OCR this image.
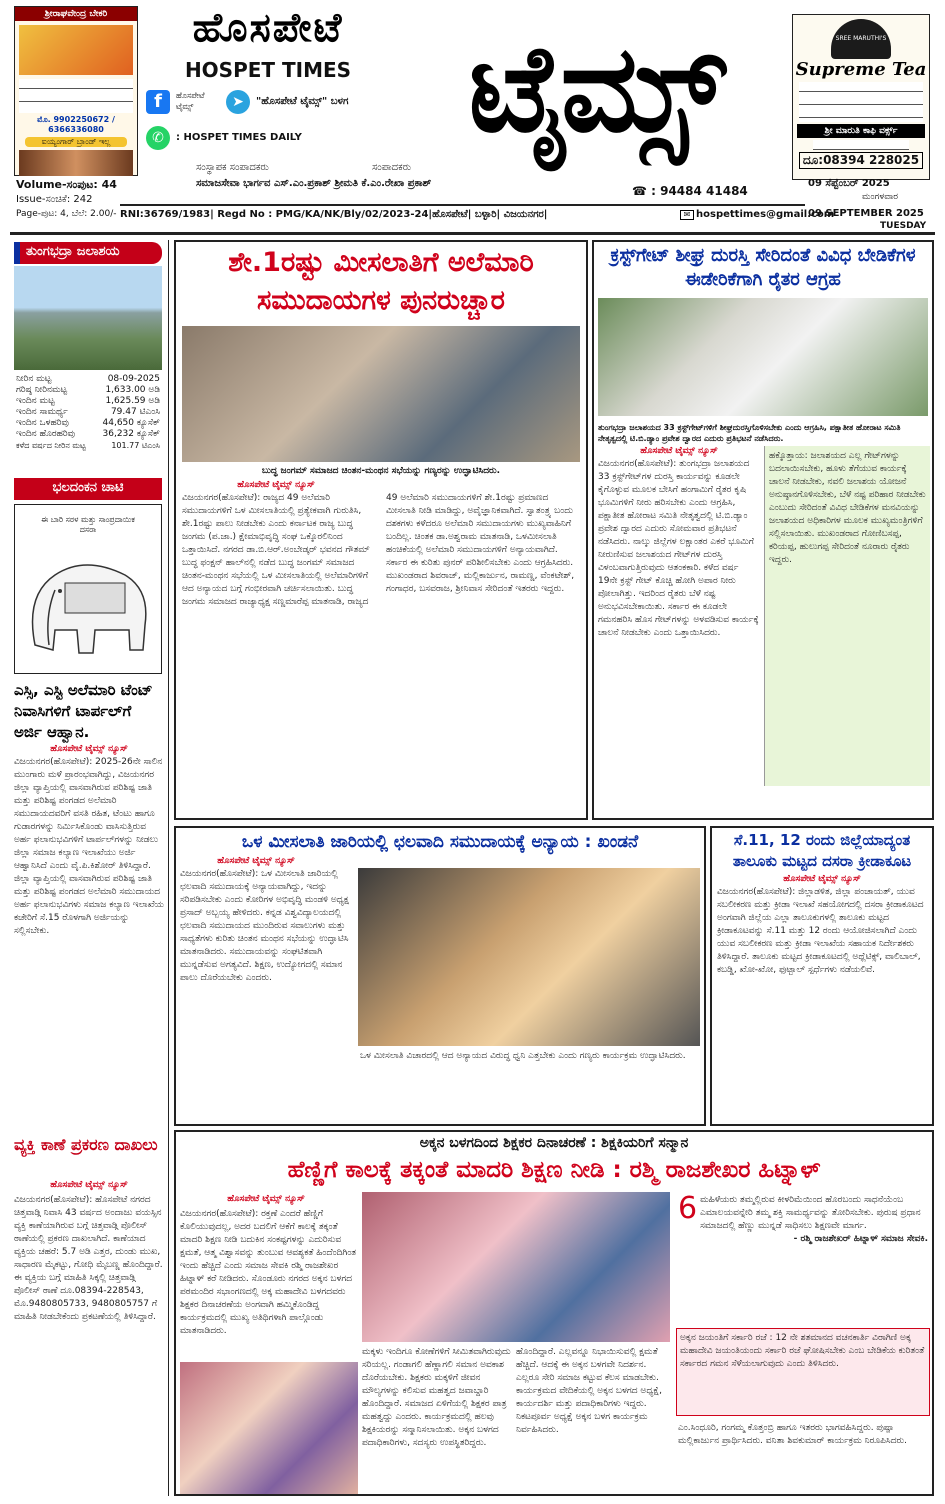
ಶ್ರೀರಾಘವೇಂದ್ರ ಬೇಕರಿ
ಮೊ. 9902250672 / 6366336080
ಐಯ್ಯಂಗಾರ್ ಬ್ರಾಂಡ್ ಇಲ್ಲ
ಹೊಸಪೇಟೆ
HOSPET TIMES
f	ಹೊಸಪೇಟೆ ಟೈಮ್ಸ್	➤	"ಹೊಸಪೇಟೆ ಟೈಮ್ಸ್" ಬಳಗ
✆	: HOSPET TIMES DAILY	ಟೈಮ್ಸ್	SREE MARUTHI'S
Supreme Tea
ಶ್ರೀ ಮಾರುತಿ ಕಾಫಿ ವರ್ಕ್ಸ್
ದೂ:08394 228025
ಸಂಸ್ಥಾಪಕ ಸಂಪಾದಕರು	ಸಂಪಾದಕರು
ಸಮಾಜಸೇವಾ ಭಾರ್ಗವ ಎಸ್.ಎಂ.ಪ್ರಕಾಶ್ ಶ್ರೀಮತಿ ಕೆ.ಎಂ.ರೇಖಾ ಪ್ರಕಾಶ್
Volume-ಸಂಪುಟ: 44
Issue-ಸಂಚಿಕೆ: 242
Page-ಪುಟ: 4, ಬೆಲೆ: 2.00/-
☎ : 94484 41484
09 ಸೆಪ್ಟೆಂಬರ್ 2025
ಮಂಗಳವಾರ
RNI:36769/1983| Regd No : PMG/KA/NK/Bly/02/2023-24|ಹೊಸಪೇಟೆ| ಬಳ್ಳಾರಿ| ವಿಜಯನಗರ|	✉ hospettimes@gmail.com
09 SEPTEMBER 2025
TUESDAY
ತುಂಗಭದ್ರಾ ಜಲಾಶಯ
ನೀರಿನ ಮಟ್ಟ	08-09-2025
ಗರಿಷ್ಠ ನೀರಿನಮಟ್ಟ	1,633.00 ಅಡಿ
ಇಂದಿನ ಮಟ್ಟ	1,625.59 ಅಡಿ
ಇಂದಿನ ಸಾಮರ್ಥ್ಯ	79.47 ಟಿಎಂಸಿ
ಇಂದಿನ ಒಳಹರಿವು	44,650 ಕ್ಯೂಸೆಕ್
ಇಂದಿನ ಹೊರಹರಿವು	36,232 ಕ್ಯೂಸೆಕ್
ಕಳೆದ ವರ್ಷದ ನೀರಿನ ಮಟ್ಟ	101.77 ಟಿಎಂಸಿ
ಭಲದಂಕನ ಚಾಟಿ
ಈ ಬಾರಿ ಸರಳ ಮತ್ತು ಸಾಂಪ್ರದಾಯಿಕ ದಸರಾ
ಎಸ್ಸಿ, ಎಸ್ಟಿ ಅಲೆಮಾರಿ ಟೆಂಟ್ ನಿವಾಸಿಗಳಿಗೆ ಟಾರ್ಪಲ್‌ಗೆ ಅರ್ಜಿ ಆಹ್ವಾನ.
ಹೊಸಪೇಟೆ ಟೈಮ್ಸ್ ನ್ಯೂಸ್
ವಿಜಯನಗರ(ಹೊಸಪೇಟೆ): 2025-26ನೇ ಸಾಲಿನ ಮುಂಗಾರು ಮಳೆ ಪ್ರಾರಂಭವಾಗಿದ್ದು, ವಿಜಯನಗರ ಜಿಲ್ಲಾ ವ್ಯಾಪ್ತಿಯಲ್ಲಿ ವಾಸವಾಗಿರುವ ಪರಿಶಿಷ್ಟ ಜಾತಿ ಮತ್ತು ಪರಿಶಿಷ್ಟ ಪಂಗಡದ ಅಲೆಮಾರಿ ಸಮುದಾಯದವರಿಗೆ ವಸತಿ ರಹಿತ, ಟೆಂಟು ಹಾಗೂ ಗುಡಾರಗಳನ್ನು ನಿರ್ಮಿಸಿಕೊಂಡು ವಾಸಿಸುತ್ತಿರುವ ಅರ್ಹ ಫಲಾನುಭವಿಗಳಿಗೆ ಟಾರ್ಪಲ್‌ಗಳನ್ನು ನೀಡಲು ಜಿಲ್ಲಾ ಸಮಾಜ ಕಲ್ಯಾಣ ಇಲಾಖೆಯು ಅರ್ಜಿ ಆಹ್ವಾನಿಸಿದೆ ಎಂದು ವೈ.ಪಿ.ಕಿಶೋರ್ ತಿಳಿಸಿದ್ದಾರೆ. ಜಿಲ್ಲಾ ವ್ಯಾಪ್ತಿಯಲ್ಲಿ ವಾಸವಾಗಿರುವ ಪರಿಶಿಷ್ಟ ಜಾತಿ ಮತ್ತು ಪರಿಶಿಷ್ಟ ಪಂಗಡದ ಅಲೆಮಾರಿ ಸಮುದಾಯದ ಅರ್ಹ ಫಲಾನುಭವಿಗಳು ಸಮಾಜ ಕಲ್ಯಾಣ ಇಲಾಖೆಯ ಕಚೇರಿಗೆ ಸೆ.15 ರೊಳಗಾಗಿ ಅರ್ಜಿಯನ್ನು ಸಲ್ಲಿಸಬೇಕು.
ವ್ಯಕ್ತಿ ಕಾಣೆ ಪ್ರಕರಣ ದಾಖಲು
ಹೊಸಪೇಟೆ ಟೈಮ್ಸ್ ನ್ಯೂಸ್
ವಿಜಯನಗರ(ಹೊಸಪೇಟೆ): ಹೊಸಪೇಟೆ ನಗರದ ಚಿತ್ತವಾಡ್ಗಿ ನಿವಾಸಿ 43 ವರ್ಷದ ಅಂದಾಜು ವಯಸ್ಸಿನ ವ್ಯಕ್ತಿ ಕಾಣೆಯಾಗಿರುವ ಬಗ್ಗೆ ಚಿತ್ತವಾಡ್ಗಿ ಪೊಲೀಸ್ ಠಾಣೆಯಲ್ಲಿ ಪ್ರಕರಣ ದಾಖಲಾಗಿದೆ. ಕಾಣೆಯಾದ ವ್ಯಕ್ತಿಯ ಚಹರೆ: 5.7 ಅಡಿ ಎತ್ತರ, ದುಂಡು ಮುಖ, ಸಾಧಾರಣ ಮೈಕಟ್ಟು, ಗೋಧಿ ಮೈಬಣ್ಣ ಹೊಂದಿದ್ದಾರೆ. ಈ ವ್ಯಕ್ತಿಯ ಬಗ್ಗೆ ಮಾಹಿತಿ ಸಿಕ್ಕಲ್ಲಿ ಚಿತ್ತವಾಡ್ಗಿ ಪೊಲೀಸ್ ಠಾಣೆ ದೂ.08394-228543, ಮೊ.9480805733, 9480805757 ಗೆ ಮಾಹಿತಿ ನೀಡಬೇಕೆಂದು ಪ್ರಕಟಣೆಯಲ್ಲಿ ತಿಳಿಸಿದ್ದಾರೆ.
ಶೇ.1ರಷ್ಟು ಮೀಸಲಾತಿಗೆ ಅಲೆಮಾರಿ ಸಮುದಾಯಗಳ ಪುನರುಚ್ಚಾರ
ಬುದ್ಧ ಜಂಗಮ್ ಸಮಾಜದ ಚಿಂತನ-ಮಂಥನ ಸಭೆಯನ್ನು ಗಣ್ಯರನ್ನು ಉದ್ಘಾಟಿಸಿದರು.
ಹೊಸಪೇಟೆ ಟೈಮ್ಸ್ ನ್ಯೂಸ್
ವಿಜಯನಗರ(ಹೊಸಪೇಟೆ): ರಾಜ್ಯದ 49 ಅಲೆಮಾರಿ ಸಮುದಾಯಗಳಿಗೆ ಒಳ ಮೀಸಲಾತಿಯಲ್ಲಿ ಪ್ರತ್ಯೇಕವಾಗಿ ಗುರುತಿಸಿ, ಶೇ.1ರಷ್ಟು ಪಾಲು ನೀಡಬೇಕು ಎಂದು ಕರ್ನಾಟಕ ರಾಜ್ಯ ಬುದ್ಧ ಜಂಗಮ (ಪ.ಜಾ.) ಕ್ಷೇಮಾಭಿವೃದ್ಧಿ ಸಂಘ ಒಕ್ಕೊರಲಿನಿಂದ ಒತ್ತಾಯಿಸಿದೆ. ನಗರದ ಡಾ.ಬಿ.ಆರ್.ಅಂಬೇಡ್ಕರ್ ಭವನದ ಗೌತಮ್ ಬುದ್ಧ ಫಂಕ್ಷನ್ ಹಾಲ್‌ನಲ್ಲಿ ನಡೆದ ಬುದ್ಧ ಜಂಗಮ್ ಸಮಾಜದ ಚಿಂತನ-ಮಂಥನ ಸಭೆಯಲ್ಲಿ ಒಳ ಮೀಸಲಾತಿಯಲ್ಲಿ ಅಲೆಮಾರಿಗಳಿಗೆ ಆದ ಅನ್ಯಾಯದ ಬಗ್ಗೆ ಗಂಭೀರವಾಗಿ ಚರ್ಚಿಸಲಾಯಿತು. ಬುದ್ಧ ಜಂಗಮ ಸಮಾಜದ ರಾಜ್ಯಾಧ್ಯಕ್ಷ ಸಣ್ಣಮಾರೆಪ್ಪ ಮಾತನಾಡಿ, ರಾಜ್ಯದ 49 ಅಲೆಮಾರಿ ಸಮುದಾಯಗಳಿಗೆ ಶೇ.1ರಷ್ಟು ಪ್ರಮಾಣದ ಮೀಸಲಾತಿ ನೀಡಿ ಮಾಡಿದ್ದು, ಅವೈಜ್ಞಾನಿಕವಾಗಿದೆ. ಸ್ವಾತಂತ್ರ್ಯ ಬಂದು ದಶಕಗಳು ಕಳೆದರೂ ಅಲೆಮಾರಿ ಸಮುದಾಯಗಳು ಮುಖ್ಯವಾಹಿನಿಗೆ ಬಂದಿಲ್ಲ. ಚಿಂತಕ ಡಾ.ಅಶ್ವರಾಮ ಮಾತನಾಡಿ, ಒಳಮೀಸಲಾತಿ ಹಂಚಿಕೆಯಲ್ಲಿ ಅಲೆಮಾರಿ ಸಮುದಾಯಗಳಿಗೆ ಅನ್ಯಾಯವಾಗಿದೆ. ಸರ್ಕಾರ ಈ ಕುರಿತು ಪುನರ್ ಪರಿಶೀಲಿಸಬೇಕು ಎಂದು ಆಗ್ರಹಿಸಿದರು. ಮುಖಂಡರಾದ ಶಿವರಾಜ್, ಮಲ್ಲಿಕಾರ್ಜುನ, ರಾಮಣ್ಣ, ವೆಂಕಟೇಶ್, ಗಂಗಾಧರ, ಬಸವರಾಜ, ಶ್ರೀನಿವಾಸ ಸೇರಿದಂತೆ ಇತರರು ಇದ್ದರು.
ಕ್ರಸ್ಟ್‌ಗೇಟ್ ಶೀಘ್ರ ದುರಸ್ತಿ ಸೇರಿದಂತೆ ವಿವಿಧ ಬೇಡಿಕೆಗಳ ಈಡೇರಿಕೆಗಾಗಿ ರೈತರ ಆಗ್ರಹ
ತುಂಗಭದ್ರಾ ಜಲಾಶಯದ 33 ಕ್ರಸ್ಟ್‌ಗೇಟ್‌ಗಳಿಗೆ ಶೀಘ್ರದುರಸ್ತಿಗೊಳಿಸಬೇಕು ಎಂದು ಆಗ್ರಹಿಸಿ, ಪಕ್ಷಾತೀತ ಹೋರಾಟ ಸಮಿತಿ ನೇತೃತ್ವದಲ್ಲಿ ಟಿ.ಬಿ.ಡ್ಯಾಂ ಪ್ರವೇಶ ದ್ವಾರದ ಎದುರು ಪ್ರತಿಭಟನೆ ನಡೆಸಿದರು.
ಹೊಸಪೇಟೆ ಟೈಮ್ಸ್ ನ್ಯೂಸ್
ವಿಜಯನಗರ(ಹೊಸಪೇಟೆ): ತುಂಗಭದ್ರಾ ಜಲಾಶಯದ 33 ಕ್ರಸ್ಟ್‌ಗೇಟ್‌ಗಳ ದುರಸ್ತಿ ಕಾರ್ಯವನ್ನು ಕೂಡಲೇ ಕೈಗೊಳ್ಳುವ ಮೂಲಕ ಬೇಸಿಗೆ ಹಂಗಾಮಿಗೆ ರೈತರ ಕೃಷಿ ಭೂಮಿಗಳಿಗೆ ನೀರು ಹರಿಸಬೇಕು ಎಂದು ಆಗ್ರಹಿಸಿ, ಪಕ್ಷಾತೀತ ಹೋರಾಟ ಸಮಿತಿ ನೇತೃತ್ವದಲ್ಲಿ ಟಿ.ಬಿ.ಡ್ಯಾಂ ಪ್ರವೇಶ ದ್ವಾರದ ಎದುರು ಸೋಮವಾರ ಪ್ರತಿಭಟನೆ ನಡೆಸಿದರು. ನಾಲ್ಕು ಜಿಲ್ಲೆಗಳ ಲಕ್ಷಾಂತರ ಎಕರೆ ಭೂಮಿಗೆ ನೀರುಣಿಸುವ ಜಲಾಶಯದ ಗೇಟ್‌ಗಳ ದುರಸ್ತಿ ವಿಳಂಬವಾಗುತ್ತಿರುವುದು ಆತಂಕಕಾರಿ. ಕಳೆದ ವರ್ಷ 19ನೇ ಕ್ರಸ್ಟ್ ಗೇಟ್ ಕೊಚ್ಚಿ ಹೋಗಿ ಅಪಾರ ನೀರು ಪೋಲಾಗಿತ್ತು. ಇದರಿಂದ ರೈತರು ಬೆಳೆ ನಷ್ಟ ಅನುಭವಿಸಬೇಕಾಯಿತು. ಸರ್ಕಾರ ಈ ಕೂಡಲೇ ಗಮನಹರಿಸಿ ಹೊಸ ಗೇಟ್‌ಗಳನ್ನು ಅಳವಡಿಸುವ ಕಾರ್ಯಕ್ಕೆ ಚಾಲನೆ ನೀಡಬೇಕು ಎಂದು ಒತ್ತಾಯಿಸಿದರು.
ಹಕ್ಕೊತ್ತಾಯ: ಜಲಾಶಯದ ಎಲ್ಲ ಗೇಟ್‌ಗಳನ್ನು ಬದಲಾಯಿಸಬೇಕು, ಹೂಳು ತೆಗೆಯುವ ಕಾರ್ಯಕ್ಕೆ ಚಾಲನೆ ನೀಡಬೇಕು, ನವಲಿ ಜಲಾಶಯ ಯೋಜನೆ ಅನುಷ್ಠಾನಗೊಳಿಸಬೇಕು, ಬೆಳೆ ನಷ್ಟ ಪರಿಹಾರ ನೀಡಬೇಕು ಎಂಬುದು ಸೇರಿದಂತೆ ವಿವಿಧ ಬೇಡಿಕೆಗಳ ಮನವಿಯನ್ನು ಜಲಾಶಯದ ಅಧಿಕಾರಿಗಳ ಮೂಲಕ ಮುಖ್ಯಮಂತ್ರಿಗಳಿಗೆ ಸಲ್ಲಿಸಲಾಯಿತು. ಮುಖಂಡರಾದ ಗೋಣಿಬಸಪ್ಪ, ಕರಿಯಪ್ಪ, ಹುಲುಗಪ್ಪ ಸೇರಿದಂತೆ ನೂರಾರು ರೈತರು ಇದ್ದರು.
ಒಳ ಮೀಸಲಾತಿ ಜಾರಿಯಲ್ಲಿ ಛಲವಾದಿ ಸಮುದಾಯಕ್ಕೆ ಅನ್ಯಾಯ : ಖಂಡನೆ
ಹೊಸಪೇಟೆ ಟೈಮ್ಸ್ ನ್ಯೂಸ್
ವಿಜಯನಗರ(ಹೊಸಪೇಟೆ): ಒಳ ಮೀಸಲಾತಿ ಜಾರಿಯಲ್ಲಿ ಛಲವಾದಿ ಸಮುದಾಯಕ್ಕೆ ಅನ್ಯಾಯವಾಗಿದ್ದು, ಇದನ್ನು ಸರಿಪಡಿಸಬೇಕು ಎಂದು ಕೋರಿಗಳ ಅಭಿವೃದ್ಧಿ ಮಂಡಳಿ ಅಧ್ಯಕ್ಷ ಪ್ರಸಾದ್ ಅಬ್ಬಯ್ಯ ಹೇಳಿದರು. ಕನ್ನಡ ವಿಶ್ವವಿದ್ಯಾಲಯದಲ್ಲಿ ಛಲವಾದಿ ಸಮುದಾಯದ ಮುಂದಿರುವ ಸವಾಲುಗಳು ಮತ್ತು ಸಾಧ್ಯತೆಗಳು ಕುರಿತು ಚಿಂತನ ಮಂಥನ ಸಭೆಯನ್ನು ಉದ್ಘಾಟಿಸಿ ಮಾತನಾಡಿದರು. ಸಮುದಾಯವನ್ನು ಸಂಘಟಿತವಾಗಿ ಮುನ್ನಡೆಸುವ ಅಗತ್ಯವಿದೆ. ಶಿಕ್ಷಣ, ಉದ್ಯೋಗದಲ್ಲಿ ಸಮಾನ ಪಾಲು ದೊರೆಯಬೇಕು ಎಂದರು.
ಒಳ ಮೀಸಲಾತಿ ವಿಚಾರದಲ್ಲಿ ಆದ ಅನ್ಯಾಯದ ವಿರುದ್ಧ ಧ್ವನಿ ಎತ್ತಬೇಕು ಎಂದು ಗಣ್ಯರು ಕಾರ್ಯಕ್ರಮ ಉದ್ಘಾಟಿಸಿದರು.
ಸೆ.11, 12 ರಂದು ಜಿಲ್ಲೆಯಾದ್ಯಂತ ತಾಲೂಕು ಮಟ್ಟದ ದಸರಾ ಕ್ರೀಡಾಕೂಟ
ಹೊಸಪೇಟೆ ಟೈಮ್ಸ್ ನ್ಯೂಸ್
ವಿಜಯನಗರ(ಹೊಸಪೇಟೆ): ಜಿಲ್ಲಾಡಳಿತ, ಜಿಲ್ಲಾ ಪಂಚಾಯತ್, ಯುವ ಸಬಲೀಕರಣ ಮತ್ತು ಕ್ರೀಡಾ ಇಲಾಖೆ ಸಹಯೋಗದಲ್ಲಿ ದಸರಾ ಕ್ರೀಡಾಕೂಟದ ಅಂಗವಾಗಿ ಜಿಲ್ಲೆಯ ಎಲ್ಲಾ ತಾಲೂಕುಗಳಲ್ಲಿ ತಾಲೂಕು ಮಟ್ಟದ ಕ್ರೀಡಾಕೂಟವನ್ನು ಸೆ.11 ಮತ್ತು 12 ರಂದು ಆಯೋಜಿಸಲಾಗಿದೆ ಎಂದು ಯುವ ಸಬಲೀಕರಣ ಮತ್ತು ಕ್ರೀಡಾ ಇಲಾಖೆಯ ಸಹಾಯಕ ನಿರ್ದೇಶಕರು ತಿಳಿಸಿದ್ದಾರೆ. ತಾಲೂಕು ಮಟ್ಟದ ಕ್ರೀಡಾಕೂಟದಲ್ಲಿ ಅಥ್ಲೆಟಿಕ್ಸ್, ವಾಲಿಬಾಲ್, ಕಬಡ್ಡಿ, ಖೋ-ಖೋ, ಫುಟ್ಬಾಲ್ ಸ್ಪರ್ಧೆಗಳು ನಡೆಯಲಿವೆ.
ಅಕ್ಕನ ಬಳಗದಿಂದ ಶಿಕ್ಷಕರ ದಿನಾಚರಣೆ : ಶಿಕ್ಷಕಿಯರಿಗೆ ಸನ್ಮಾನ
ಹೆಣ್ಣಿಗೆ ಕಾಲಕ್ಕೆ ತಕ್ಕಂತೆ ಮಾದರಿ ಶಿಕ್ಷಣ ನೀಡಿ : ರಶ್ಮಿ ರಾಜಶೇಖರ ಹಿಟ್ನಾಳ್
ಹೊಸಪೇಟೆ ಟೈಮ್ಸ್ ನ್ಯೂಸ್
ವಿಜಯನಗರ(ಹೊಸಪೇಟೆ): ರಕ್ತಣೆ ಎಂದರೆ ಹೆಣ್ಣಿಗೆ ಕೊಲಿಯುವುದಲ್ಲ, ಅದರ ಬದಲಿಗೆ ಆಕೆಗೆ ಕಾಲಕ್ಕೆ ತಕ್ಕಂತೆ ಮಾದರಿ ಶಿಕ್ಷಣ ನೀಡಿ ಬದುಕಿನ ಸಂಕಷ್ಟಗಳನ್ನು ಎದುರಿಸುವ ಕ್ಷಮತೆ, ಆತ್ಮ ವಿಶ್ವಾಸವನ್ನು ತುಂಬುವ ಆವಶ್ಯಕತೆ ಹಿಂದೆಂದಿಗಿಂತ ಇಂದು ಹೆಚ್ಚಿದೆ ಎಂದು ಸಮಾಜ ಸೇವಕಿ ರಶ್ಮಿ ರಾಜಶೇಖರ ಹಿಟ್ನಾಳ್ ಕರೆ ನೀಡಿದರು. ಸೊಂಡೂರು ನಗರದ ಅಕ್ಕನ ಬಳಗದ ಪಠಮಂದಿರ ಸಭಾಂಗಣದಲ್ಲಿ ಅಕ್ಕ ಮಹಾದೇವಿ ಬಳಗದವರು ಶಿಕ್ಷಕರ ದಿನಾಚರಣೆಯ ಅಂಗವಾಗಿ ಹಮ್ಮಿಕೊಂಡಿದ್ದ ಕಾರ್ಯಕ್ರಮದಲ್ಲಿ ಮುಖ್ಯ ಅತಿಥಿಗಳಾಗಿ ಪಾಲ್ಗೊಂಡು ಮಾತನಾಡಿದರು.
6 ಮಹಿಳೆಯರು ತಮ್ಮಲ್ಲಿರುವ ಕೀಳರಿಮೆಯಿಂದ ಹೊರಬಂದು ಸಾಧನೆಯೆಂಬ ಎಮಾಲಯವನ್ನೇರಿ ತಮ್ಮ ಶಕ್ತಿ ಸಾಮರ್ಥ್ಯವನ್ನು ತೋರಿಸಬೇಕು. ಪುರುಷ ಪ್ರಧಾನ ಸಮಾಜದಲ್ಲಿ ಹೆಣ್ಣು ಮುನ್ನಡೆ ಸಾಧಿಸಲು ಶಿಕ್ಷಣವೇ ಮಾರ್ಗ.
- ರಶ್ಮಿ ರಾಜಶೇಖರ್ ಹಿಟ್ನಾಳ್ ಸಮಾಜ ಸೇವಕಿ.
ಮಕ್ಕಳು ಇಂದಿಗೂ ಕೋಣೆಗಳಿಗೆ ಸೀಮಿತವಾಗಿರುವುದು ಸರಿಯಲ್ಲ. ಗಂಡಾಗಲಿ ಹೆಣ್ಣಾಗಲಿ ಸಮಾನ ಅವಕಾಶ ದೊರೆಯಬೇಕು. ಶಿಕ್ಷಕರು ಮಕ್ಕಳಿಗೆ ಜೀವನ ಮೌಲ್ಯಗಳನ್ನು ಕಲಿಸುವ ಮಹತ್ವದ ಜವಾಬ್ದಾರಿ ಹೊಂದಿದ್ದಾರೆ. ಸಮಾಜದ ಏಳಿಗೆಯಲ್ಲಿ ಶಿಕ್ಷಕರ ಪಾತ್ರ ಮಹತ್ವದ್ದು ಎಂದರು. ಕಾರ್ಯಕ್ರಮದಲ್ಲಿ ಹಲವು ಶಿಕ್ಷಕಿಯರನ್ನು ಸನ್ಮಾನಿಸಲಾಯಿತು. ಅಕ್ಕನ ಬಳಗದ ಪದಾಧಿಕಾರಿಗಳು, ಸದಸ್ಯರು ಉಪಸ್ಥಿತರಿದ್ದರು.
ಹೊಂದಿದ್ದಾರೆ. ಎಲ್ಲವನ್ನೂ ನಿಭಾಯಿಸುವಲ್ಲಿ ಕ್ಷಮತೆ ಹೆಚ್ಚಿದೆ. ಆದಕ್ಕೆ ಈ ಅಕ್ಕನ ಬಳಗವೇ ನಿದರ್ಶನ. ಎಲ್ಲರೂ ಸೇರಿ ಸಮಾಜ ಕಟ್ಟುವ ಕೆಲಸ ಮಾಡಬೇಕು. ಕಾರ್ಯಕ್ರಮದ ವೇದಿಕೆಯಲ್ಲಿ ಅಕ್ಕನ ಬಳಗದ ಅಧ್ಯಕ್ಷೆ, ಕಾರ್ಯದರ್ಶಿ ಮತ್ತು ಪದಾಧಿಕಾರಿಗಳು ಇದ್ದರು. ನಿಕಟಪೂರ್ವ ಅಧ್ಯಕ್ಷೆ ಅಕ್ಕನ ಬಳಗ ಕಾರ್ಯಕ್ರಮ ನಿರ್ವಹಿಸಿದರು.
ಅಕ್ಕನ ಜಯಂತಿಗೆ ಸರ್ಕಾರಿ ರಜೆ : 12 ನೇ ಶತಮಾನದ ವಚನಕಾರ್ತಿ ವಿರಾಗಿಣಿ ಅಕ್ಕ ಮಹಾದೇವಿ ಜಯಂತಿಯಂದು ಸರ್ಕಾರಿ ರಜೆ ಘೋಷಿಸಬೇಕು ಎಂಬ ಬೇಡಿಕೆಯ ಕುರಿತಂತೆ ಸರ್ಕಾರದ ಗಮನ ಸೆಳೆಯಲಾಗುವುದು ಎಂದು ತಿಳಿಸಿದರು.
ಎಂ.ಸಿಂಧೂರಿ, ಗಂಗಮ್ಮ ಕೊತ್ತಂಬ್ರಿ ಹಾಗೂ ಇತರರು ಭಾಗವಹಿಸಿದ್ದರು. ಪುಷ್ಪಾ ಮಲ್ಲಿಕಾರ್ಜುನ ಪ್ರಾರ್ಥಿಸಿದರು. ವನಿತಾ ಶಿವಕುಮಾರ್ ಕಾರ್ಯಕ್ರಮ ನಿರೂಪಿಸಿದರು.
